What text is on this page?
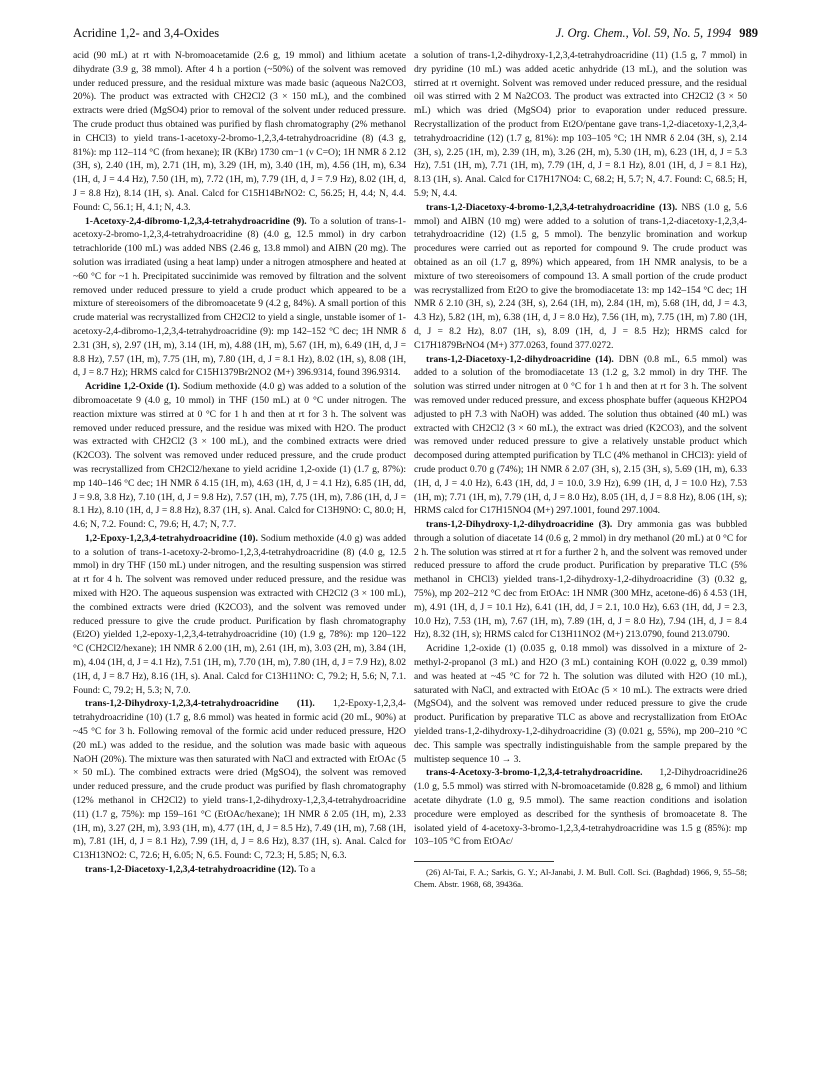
Acridine 1,2- and 3,4-Oxides	J. Org. Chem., Vol. 59, No. 5, 1994 989

acid (90 mL) at rt with N-bromoacetamide (2.6 g, 19 mmol) and lithium acetate dihydrate (3.9 g, 38 mmol). After 4 h a portion (~50%) of the solvent was removed under reduced pressure, and the residual mixture was made basic (aqueous Na2CO3, 20%). The product was extracted with CH2Cl2 (3 × 150 mL), and the combined extracts were dried (MgSO4) prior to removal of the solvent under reduced pressure. The crude product thus obtained was purified by flash chromatography (2% methanol in CHCl3) to yield trans-1-acetoxy-2-bromo-1,2,3,4-tetrahydroacridine (8) (4.3 g, 81%): mp 112–114 °C (from hexane); IR (KBr) 1730 cm−1 (ν C=O); 1H NMR δ 2.12 (3H, s), 2.40 (1H, m), 2.71 (1H, m), 3.29 (1H, m), 3.40 (1H, m), 4.56 (1H, m), 6.34 (1H, d, J = 4.4 Hz), 7.50 (1H, m), 7.72 (1H, m), 7.79 (1H, d, J = 7.9 Hz), 8.02 (1H, d, J = 8.8 Hz), 8.14 (1H, s). Anal. Calcd for C15H14BrNO2: C, 56.25; H, 4.4; N, 4.4. Found: C, 56.1; H, 4.1; N, 4.3.

1-Acetoxy-2,4-dibromo-1,2,3,4-tetrahydroacridine (9). To a solution of trans-1-acetoxy-2-bromo-1,2,3,4-tetrahydroacridine (8) (4.0 g, 12.5 mmol) in dry carbon tetrachloride (100 mL) was added NBS (2.46 g, 13.8 mmol) and AIBN (20 mg). The solution was irradiated (using a heat lamp) under a nitrogen atmosphere and heated at ~60 °C for ~1 h. Precipitated succinimide was removed by filtration and the solvent removed under reduced pressure to yield a crude product which appeared to be a mixture of stereoisomers of the dibromoacetate 9 (4.2 g, 84%). A small portion of this crude material was recrystallized from CH2Cl2 to yield a single, unstable isomer of 1-acetoxy-2,4-dibromo-1,2,3,4-tetrahydroacridine (9): mp 142–152 °C dec; 1H NMR δ 2.31 (3H, s), 2.97 (1H, m), 3.14 (1H, m), 4.88 (1H, m), 5.67 (1H, m), 6.49 (1H, d, J = 8.8 Hz), 7.57 (1H, m), 7.75 (1H, m), 7.80 (1H, d, J = 8.1 Hz), 8.02 (1H, s), 8.08 (1H, d, J = 8.7 Hz); HRMS calcd for C15H1379Br2NO2 (M+) 396.9314, found 396.9314.

Acridine 1,2-Oxide (1). Sodium methoxide (4.0 g) was added to a solution of the dibromoacetate 9 (4.0 g, 10 mmol) in THF (150 mL) at 0 °C under nitrogen. The reaction mixture was stirred at 0 °C for 1 h and then at rt for 3 h. The solvent was removed under reduced pressure, and the residue was mixed with H2O. The product was extracted with CH2Cl2 (3 × 100 mL), and the combined extracts were dried (K2CO3). The solvent was removed under reduced pressure, and the crude product was recrystallized from CH2Cl2/hexane to yield acridine 1,2-oxide (1) (1.7 g, 87%): mp 140–146 °C dec; 1H NMR δ 4.15 (1H, m), 4.63 (1H, d, J = 4.1 Hz), 6.85 (1H, dd, J = 9.8, 3.8 Hz), 7.10 (1H, d, J = 9.8 Hz), 7.57 (1H, m), 7.75 (1H, m), 7.86 (1H, d, J = 8.1 Hz), 8.10 (1H, d, J = 8.8 Hz), 8.37 (1H, s). Anal. Calcd for C13H9NO: C, 80.0; H, 4.6; N, 7.2. Found: C, 79.6; H, 4.7; N, 7.7.

1,2-Epoxy-1,2,3,4-tetrahydroacridine (10). Sodium methoxide (4.0 g) was added to a solution of trans-1-acetoxy-2-bromo-1,2,3,4-tetrahydroacridine (8) (4.0 g, 12.5 mmol) in dry THF (150 mL) under nitrogen, and the resulting suspension was stirred at rt for 4 h. The solvent was removed under reduced pressure, and the residue was mixed with H2O. The aqueous suspension was extracted with CH2Cl2 (3 × 100 mL), the combined extracts were dried (K2CO3), and the solvent was removed under reduced pressure to give the crude product. Purification by flash chromatography (Et2O) yielded 1,2-epoxy-1,2,3,4-tetrahydroacridine (10) (1.9 g, 78%): mp 120–122 °C (CH2Cl2/hexane); 1H NMR δ 2.00 (1H, m), 2.61 (1H, m), 3.03 (2H, m), 3.84 (1H, m), 4.04 (1H, d, J = 4.1 Hz), 7.51 (1H, m), 7.70 (1H, m), 7.80 (1H, d, J = 7.9 Hz), 8.02 (1H, d, J = 8.7 Hz), 8.16 (1H, s). Anal. Calcd for C13H11NO: C, 79.2; H, 5.6; N, 7.1. Found: C, 79.2; H, 5.3; N, 7.0.

trans-1,2-Dihydroxy-1,2,3,4-tetrahydroacridine (11). 1,2-Epoxy-1,2,3,4-tetrahydroacridine (10) (1.7 g, 8.6 mmol) was heated in formic acid (20 mL, 90%) at ~45 °C for 3 h. Following removal of the formic acid under reduced pressure, H2O (20 mL) was added to the residue, and the solution was made basic with aqueous NaOH (20%). The mixture was then saturated with NaCl and extracted with EtOAc (5 × 50 mL). The combined extracts were dried (MgSO4), the solvent was removed under reduced pressure, and the crude product was purified by flash chromatography (12% methanol in CH2Cl2) to yield trans-1,2-dihydroxy-1,2,3,4-tetrahydroacridine (11) (1.7 g, 75%): mp 159–161 °C (EtOAc/hexane); 1H NMR δ 2.05 (1H, m), 2.33 (1H, m), 3.27 (2H, m), 3.93 (1H, m), 4.77 (1H, d, J = 8.5 Hz), 7.49 (1H, m), 7.68 (1H, m), 7.81 (1H, d, J = 8.1 Hz), 7.99 (1H, d, J = 8.6 Hz), 8.37 (1H, s). Anal. Calcd for C13H13NO2: C, 72.6; H, 6.05; N, 6.5. Found: C, 72.3; H, 5.85; N, 6.3.

trans-1,2-Diacetoxy-1,2,3,4-tetrahydroacridine (12). To a

a solution of trans-1,2-dihydroxy-1,2,3,4-tetrahydroacridine (11) (1.5 g, 7 mmol) in dry pyridine (10 mL) was added acetic anhydride (13 mL), and the solution was stirred at rt overnight. Solvent was removed under reduced pressure, and the residual oil was stirred with 2 M Na2CO3. The product was extracted into CH2Cl2 (3 × 50 mL) which was dried (MgSO4) prior to evaporation under reduced pressure. Recrystallization of the product from Et2O/pentane gave trans-1,2-diacetoxy-1,2,3,4-tetrahydroacridine (12) (1.7 g, 81%): mp 103–105 °C; 1H NMR δ 2.04 (3H, s), 2.14 (3H, s), 2.25 (1H, m), 2.39 (1H, m), 3.26 (2H, m), 5.30 (1H, m), 6.23 (1H, d, J = 5.3 Hz), 7.51 (1H, m), 7.71 (1H, m), 7.79 (1H, d, J = 8.1 Hz), 8.01 (1H, d, J = 8.1 Hz), 8.13 (1H, s). Anal. Calcd for C17H17NO4: C, 68.2; H, 5.7; N, 4.7. Found: C, 68.5; H, 5.9; N, 4.4.

trans-1,2-Diacetoxy-4-bromo-1,2,3,4-tetrahydroacridine (13). NBS (1.0 g, 5.6 mmol) and AIBN (10 mg) were added to a solution of trans-1,2-diacetoxy-1,2,3,4-tetrahydroacridine (12) (1.5 g, 5 mmol). The benzylic bromination and workup procedures were carried out as reported for compound 9. The crude product was obtained as an oil (1.7 g, 89%) which appeared, from 1H NMR analysis, to be a mixture of two stereoisomers of compound 13. A small portion of the crude product was recrystallized from Et2O to give the bromodiacetate 13: mp 142–154 °C dec; 1H NMR δ 2.10 (3H, s), 2.24 (3H, s), 2.64 (1H, m), 2.84 (1H, m), 5.68 (1H, dd, J = 4.3, 4.3 Hz), 5.82 (1H, m), 6.38 (1H, d, J = 8.0 Hz), 7.56 (1H, m), 7.75 (1H, m) 7.80 (1H, d, J = 8.2 Hz), 8.07 (1H, s), 8.09 (1H, d, J = 8.5 Hz); HRMS calcd for C17H1879BrNO4 (M+) 377.0263, found 377.0272.

trans-1,2-Diacetoxy-1,2-dihydroacridine (14). DBN (0.8 mL, 6.5 mmol) was added to a solution of the bromodiacetate 13 (1.2 g, 3.2 mmol) in dry THF. The solution was stirred under nitrogen at 0 °C for 1 h and then at rt for 3 h. The solvent was removed under reduced pressure, and excess phosphate buffer (aqueous KH2PO4 adjusted to pH 7.3 with NaOH) was added. The solution thus obtained (40 mL) was extracted with CH2Cl2 (3 × 60 mL), the extract was dried (K2CO3), and the solvent was removed under reduced pressure to give a relatively unstable product which decomposed during attempted purification by TLC (4% methanol in CHCl3): yield of crude product 0.70 g (74%); 1H NMR δ 2.07 (3H, s), 2.15 (3H, s), 5.69 (1H, m), 6.33 (1H, d, J = 4.0 Hz), 6.43 (1H, dd, J = 10.0, 3.9 Hz), 6.99 (1H, d, J = 10.0 Hz), 7.53 (1H, m); 7.71 (1H, m), 7.79 (1H, d, J = 8.0 Hz), 8.05 (1H, d, J = 8.8 Hz), 8.06 (1H, s); HRMS calcd for C17H15NO4 (M+) 297.1001, found 297.1004.

trans-1,2-Dihydroxy-1,2-dihydroacridine (3). Dry ammonia gas was bubbled through a solution of diacetate 14 (0.6 g, 2 mmol) in dry methanol (20 mL) at 0 °C for 2 h. The solution was stirred at rt for a further 2 h, and the solvent was removed under reduced pressure to afford the crude product. Purification by preparative TLC (5% methanol in CHCl3) yielded trans-1,2-dihydroxy-1,2-dihydroacridine (3) (0.32 g, 75%), mp 202–212 °C dec from EtOAc: 1H NMR (300 MHz, acetone-d6) δ 4.53 (1H, m), 4.91 (1H, d, J = 10.1 Hz), 6.41 (1H, dd, J = 2.1, 10.0 Hz), 6.63 (1H, dd, J = 2.3, 10.0 Hz), 7.53 (1H, m), 7.67 (1H, m), 7.89 (1H, d, J = 8.0 Hz), 7.94 (1H, d, J = 8.4 Hz), 8.32 (1H, s); HRMS calcd for C13H11NO2 (M+) 213.0790, found 213.0790.

Acridine 1,2-oxide (1) (0.035 g, 0.18 mmol) was dissolved in a mixture of 2-methyl-2-propanol (3 mL) and H2O (3 mL) containing KOH (0.022 g, 0.39 mmol) and was heated at ~45 °C for 72 h. The solution was diluted with H2O (10 mL), saturated with NaCl, and extracted with EtOAc (5 × 10 mL). The extracts were dried (MgSO4), and the solvent was removed under reduced pressure to give the crude product. Purification by preparative TLC as above and recrystallization from EtOAc yielded trans-1,2-dihydroxy-1,2-dihydroacridine (3) (0.021 g, 55%), mp 200–210 °C dec. This sample was spectrally indistinguishable from the sample prepared by the multistep sequence 10 → 3.

trans-4-Acetoxy-3-bromo-1,2,3,4-tetrahydroacridine. 1,2-Dihydroacridine26 (1.0 g, 5.5 mmol) was stirred with N-bromoacetamide (0.828 g, 6 mmol) and lithium acetate dihydrate (1.0 g, 9.5 mmol). The same reaction conditions and isolation procedure were employed as described for the synthesis of bromoacetate 8. The isolated yield of 4-acetoxy-3-bromo-1,2,3,4-tetrahydroacridine was 1.5 g (85%): mp 103–105 °C from EtOAc/

(26) Al-Tai, F. A.; Sarkis, G. Y.; Al-Janabi, J. M. Bull. Coll. Sci. (Baghdad) 1966, 9, 55–58; Chem. Abstr. 1968, 68, 39436a.
